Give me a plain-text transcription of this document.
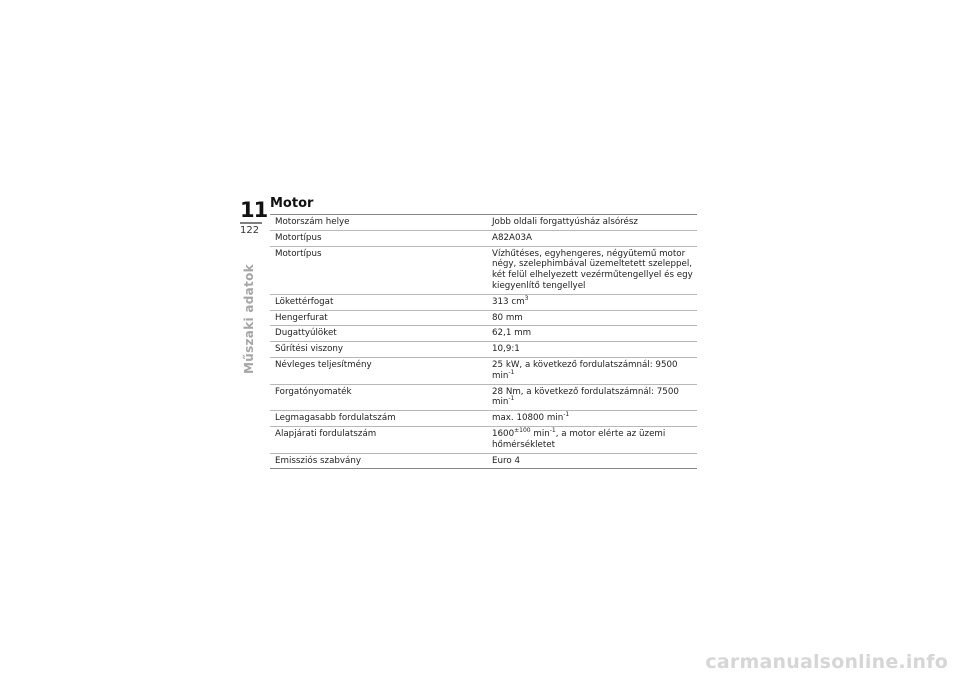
11
122
Műszaki adatok
Motor
Motorszám helye	Jobb oldali forgattyúsház alsórész
Motortípus	A82A03A
Motortípus	Vízhűtéses, egyhengeres, négyütemű motor négy, szelephimbával üzemeltetett szeleppel, két felül elhelyezett vezérműtengellyel és egy kiegyenlítő tengellyel
Lökettérfogat	313 $cm^3$
Hengerfurat	80 mm
Dugattyúlöket	62,1 mm
Sűrítési viszony	10,9:1
Névleges teljesítmény	25 kW, a következő fordulatszámnál: 9500 $\min^{-1}$
Forgatónyomaték	28 Nm, a következő fordulatszámnál: 7500 $\min^{-1}$
Legmagasabb fordulatszám	max. 10800 $\min^{-1}$
Alapjárati fordulatszám	$1600^{\pm 100}$ $\min^{-1}$, a motor elérte az üzemi hőmérsékletet
Emissziós szabvány	Euro 4
carmanualsonline.info
